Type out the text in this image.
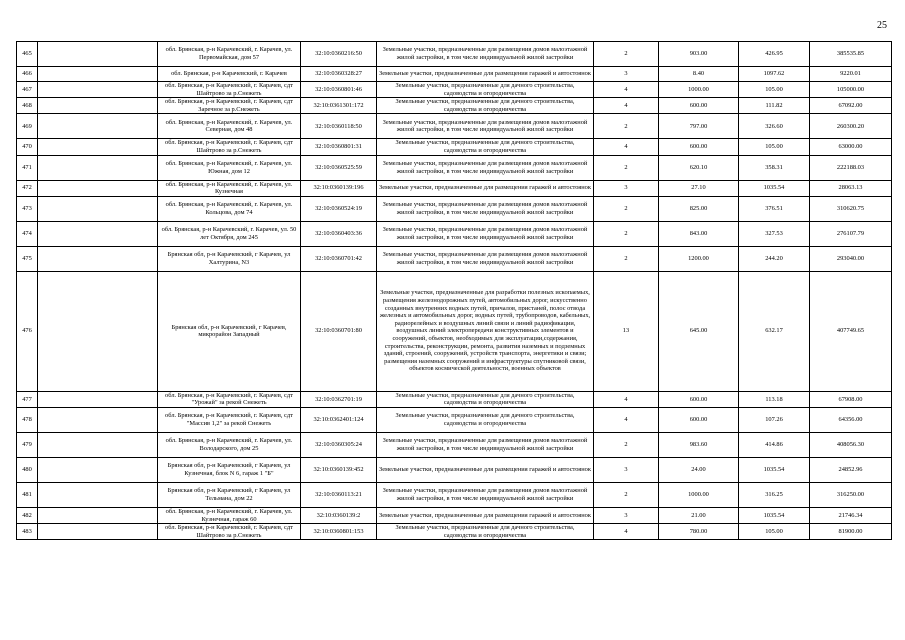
25
465		обл. Брянская, р-н Карачевский, г. Карачев, ул. Первомайская, дом 57	32:10:0360216:50	Земельные участки, предназначенные для размещения домов малоэтажной жилой застройки, в том числе индивидуальной жилой застройки	2	903.00	426.95	385535.85
466		обл. Брянская, р-н Карачевский, г. Карачев	32:10:0360328:27	Земельные участки, предназначенные для размещения гаражей и автостоянок	3	8.40	1097.62	9220.01
467		обл. Брянская, р-н Карачевский, г. Карачев, сдт Шайтрово за р.Снежеть	32:10:0360801:46	Земельные участки, предназначенные для дачного строительства, садоводства и огородничества	4	1000.00	105.00	105000.00
468		обл. Брянская, р-н Карачевский, г. Карачев, сдт Заречное за р.Снежеть	32:10:0361301:172	Земельные участки, предназначенные для дачного строительства, садоводства и огородничества	4	600.00	111.82	67092.00
469		обл. Брянская, р-н Карачевский, г. Карачев, ул. Северная, дом 48	32:10:0360118:50	Земельные участки, предназначенные для размещения домов малоэтажной жилой застройки, в том числе индивидуальной жилой застройки	2	797.00	326.60	260300.20
470		обл. Брянская, р-н Карачевский, г. Карачев, сдт Шайтрово за р.Снежеть	32:10:0360801:31	Земельные участки, предназначенные для дачного строительства, садоводства и огородничества	4	600.00	105.00	63000.00
471		обл. Брянская, р-н Карачевский, г. Карачев, ул. Южная, дом 12	32:10:0360525:59	Земельные участки, предназначенные для размещения домов малоэтажной жилой застройки, в том числе индивидуальной жилой застройки	2	620.10	358.31	222188.03
472		обл. Брянская, р-н Карачевский, г. Карачев, ул. Кузнечная	32:10:0360139:196	Земельные участки, предназначенные для размещения гаражей и автостоянок	3	27.10	1035.54	28063.13
473		обл. Брянская, р-н Карачевский, г. Карачев, ул. Кольцова, дом 74	32:10:0360524:19	Земельные участки, предназначенные для размещения домов малоэтажной жилой застройки, в том числе индивидуальной жилой застройки	2	825.00	376.51	310620.75
474		обл. Брянская, р-н Карачевский, г. Карачев, ул. 50 лет Октября, дом 245	32:10:0360403:36	Земельные участки, предназначенные для размещения домов малоэтажной жилой застройки, в том числе индивидуальной жилой застройки	2	843.00	327.53	276107.79
475		Брянская обл, р-н Карачевский, г Карачев, ул Халтурина, N3	32:10:0360701:42	Земельные участки, предназначенные для размещения домов малоэтажной жилой застройки, в том числе индивидуальной жилой застройки	2	1200.00	244.20	293040.00
476		Брянская обл, р-н Карачевский, г Карачев, микрорайон Западный	32:10:0360701:80	Земельные участки, предназначенные для разработки полезных ископаемых, размещения железнодорожных путей, автомобильных дорог, искусственно созданных внутренних водных путей, причалов, пристаней, полос отвода железных и автомобильных дорог, водных путей, трубопроводов, кабельных, радиорелейных и воздушных линий связи и линий радиофикации, воздушных линий электропередачи конструктивных элементов и сооружений, объектов, необходимых для эксплуатации,содержания, строительства, реконструкции, ремонта, развития наземных и подземных зданий, строений, сооружений, устройств транспорта, энергетики и связи; размещения наземных сооружений и инфраструктуры спутниковой связи, объектов космической деятельности, военных объектов	13	645.00	632.17	407749.65
477		обл. Брянская, р-н Карачевский, г. Карачев, сдт "Урожай" за рекой Снежеть	32:10:0362701:19	Земельные участки, предназначенные для дачного строительства, садоводства и огородничества	4	600.00	113.18	67908.00
478		обл. Брянская, р-н Карачевский, г. Карачев, сдт "Массив 1,2" за рекой Снежеть	32:10:0362401:124	Земельные участки, предназначенные для дачного строительства, садоводства и огородничества	4	600.00	107.26	64356.00
479		обл. Брянская, р-н Карачевский, г. Карачев, ул. Володарского, дом 25	32:10:0360305:24	Земельные участки, предназначенные для размещения домов малоэтажной жилой застройки, в том числе индивидуальной жилой застройки	2	983.60	414.86	408056.30
480		Брянская обл, р-н Карачевский, г Карачев, ул Кузнечная, блок N 6, гараж 1 "Б"	32:10:0360139:452	Земельные участки, предназначенные для размещения гаражей и автостоянок	3	24.00	1035.54	24852.96
481		Брянская обл, р-н Карачевский, г Карачев, ул Тельмана, дом 22	32:10:0360113:21	Земельные участки, предназначенные для размещения домов малоэтажной жилой застройки, в том числе индивидуальной жилой застройки	2	1000.00	316.25	316250.00
482		обл. Брянская, р-н Карачевский, г. Карачев, ул. Кузнечная, гараж 60	32:10:0360139:2	Земельные участки, предназначенные для размещения гаражей и автостоянок	3	21.00	1035.54	21746.34
483		обл. Брянская, р-н Карачевский, г. Карачев, сдт Шайтрово за р.Снежеть	32:10:0360801:153	Земельные участки, предназначенные для дачного строительства, садоводства и огородничества	4	780.00	105.00	81900.00
